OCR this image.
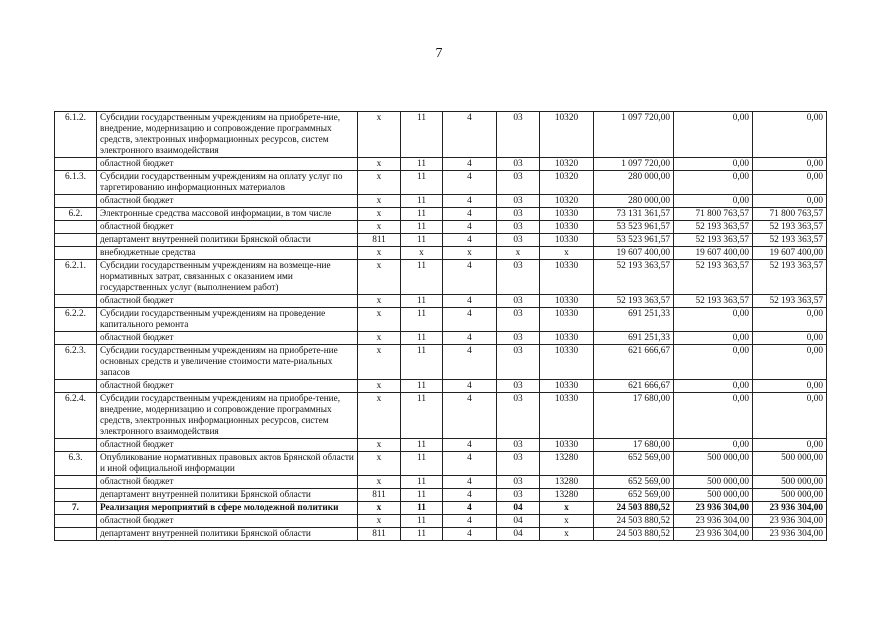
7
6.1.2.	Субсидии государственным учреждениям на приобрете-ние, внедрение, модернизацию и сопровождение программных средств, электронных информационных ресурсов, систем электронного взаимодействия	х	11	4	03	10320	1 097 720,00	0,00	0,00
	областной бюджет	х	11	4	03	10320	1 097 720,00	0,00	0,00
6.1.3.	Субсидии государственным учреждениям на оплату услуг по таргетированию информационных материалов	х	11	4	03	10320	280 000,00	0,00	0,00
	областной бюджет	х	11	4	03	10320	280 000,00	0,00	0,00
6.2.	Электронные средства массовой информации, в том числе	х	11	4	03	10330	73 131 361,57	71 800 763,57	71 800 763,57
	областной бюджет	х	11	4	03	10330	53 523 961,57	52 193 363,57	52 193 363,57
	департамент внутренней политики Брянской области	811	11	4	03	10330	53 523 961,57	52 193 363,57	52 193 363,57
	внебюджетные средства	х	х	х	х	х	19 607 400,00	19 607 400,00	19 607 400,00
6.2.1.	Субсидии государственным учреждениям на возмеще-ние нормативных затрат, связанных с оказанием ими государственных услуг (выполнением работ)	х	11	4	03	10330	52 193 363,57	52 193 363,57	52 193 363,57
	областной бюджет	х	11	4	03	10330	52 193 363,57	52 193 363,57	52 193 363,57
6.2.2.	Субсидии государственным учреждениям на проведение капитального ремонта	х	11	4	03	10330	691 251,33	0,00	0,00
	областной бюджет	х	11	4	03	10330	691 251,33	0,00	0,00
6.2.3.	Субсидии государственным учреждениям на приобрете-ние основных средств и увеличение стоимости мате-риальных запасов	х	11	4	03	10330	621 666,67	0,00	0,00
	областной бюджет	х	11	4	03	10330	621 666,67	0,00	0,00
6.2.4.	Субсидии государственным учреждениям на приобре-тение, внедрение, модернизацию и сопровождение программных средств, электронных информационных ресурсов, систем электронного взаимодействия	х	11	4	03	10330	17 680,00	0,00	0,00
	областной бюджет	х	11	4	03	10330	17 680,00	0,00	0,00
6.3.	Опубликование нормативных правовых актов Брянской области и иной официальной информации	х	11	4	03	13280	652 569,00	500 000,00	500 000,00
	областной бюджет	х	11	4	03	13280	652 569,00	500 000,00	500 000,00
	департамент внутренней политики Брянской области	811	11	4	03	13280	652 569,00	500 000,00	500 000,00
7.	Реализация мероприятий в сфере молодежной политики	х	11	4	04	х	24 503 880,52	23 936 304,00	23 936 304,00
	областной бюджет	х	11	4	04	х	24 503 880,52	23 936 304,00	23 936 304,00
	департамент внутренней политики Брянской области	811	11	4	04	х	24 503 880,52	23 936 304,00	23 936 304,00
